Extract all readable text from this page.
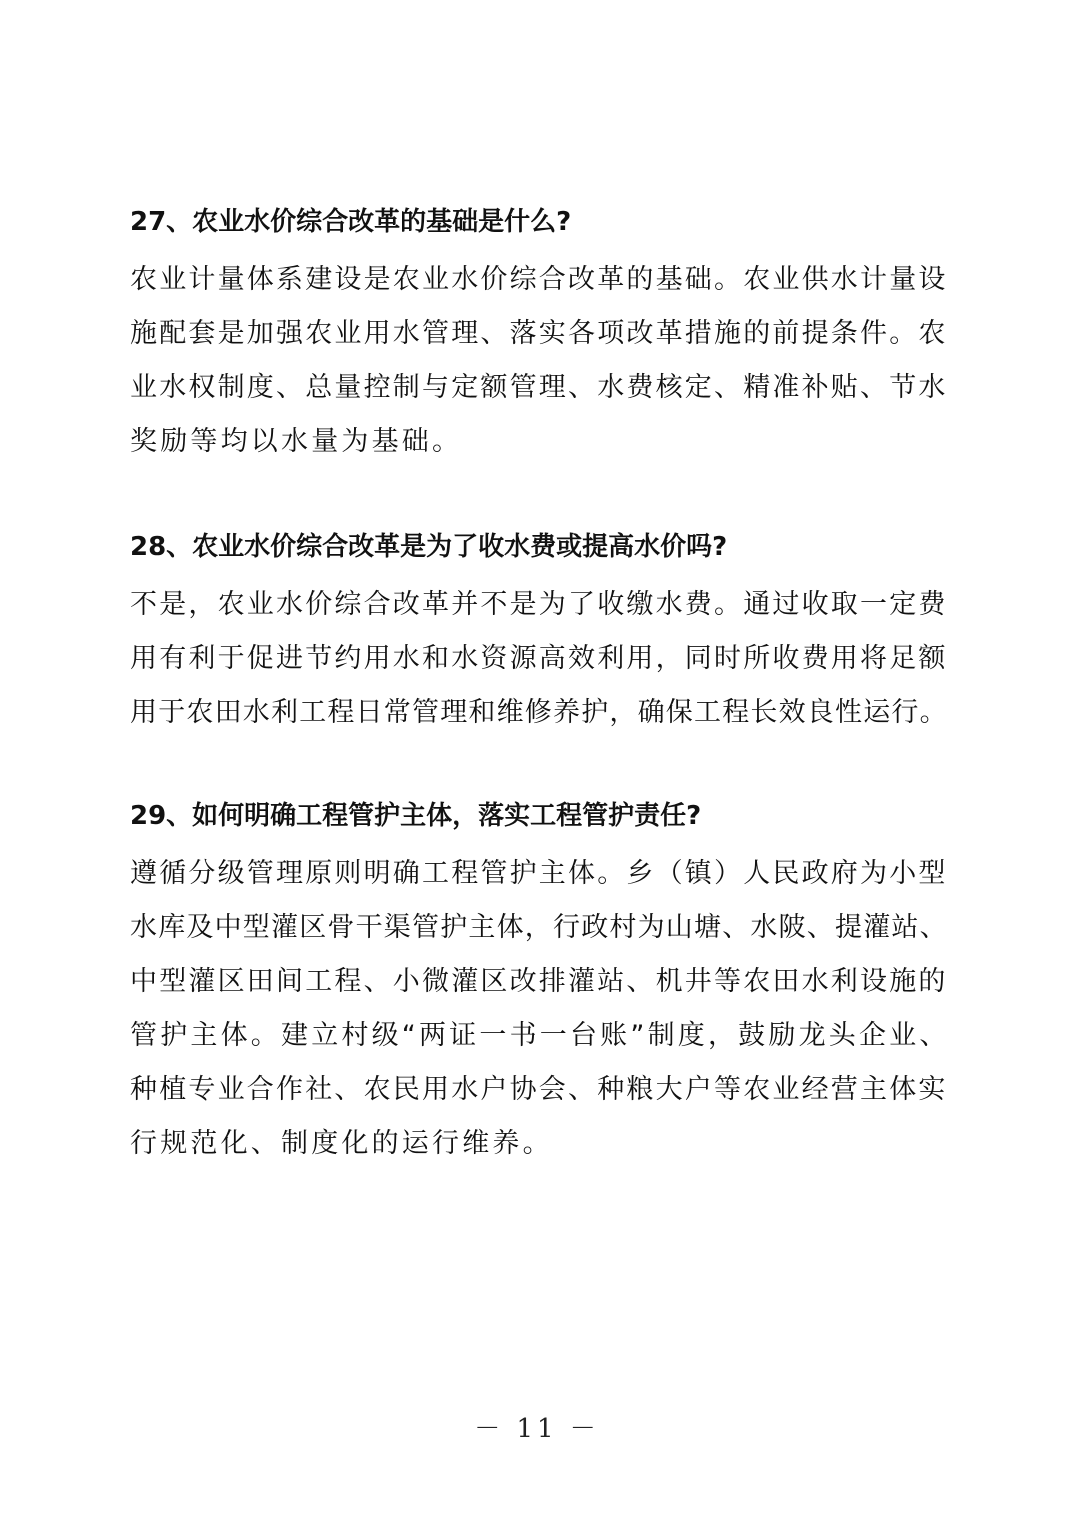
27、农业水价综合改革的基础是什么?

农业计量体系建设是农业水价综合改革的基础。农业供水计量设
施配套是加强农业用水管理、落实各项改革措施的前提条件。农
业水权制度、总量控制与定额管理、水费核定、精准补贴、节水
奖励等均以水量为基础。

28、农业水价综合改革是为了收水费或提高水价吗?

不是，农业水价综合改革并不是为了收缴水费。通过收取一定费
用有利于促进节约用水和水资源高效利用，同时所收费用将足额
用于农田水利工程日常管理和维修养护，确保工程长效良性运行。

29、如何明确工程管护主体，落实工程管护责任?

遵循分级管理原则明确工程管护主体。乡（镇）人民政府为小型
水库及中型灌区骨干渠管护主体，行政村为山塘、水陂、提灌站、
中型灌区田间工程、小微灌区改排灌站、机井等农田水利设施的
管护主体。建立村级“两证一书一台账”制度，鼓励龙头企业、
种植专业合作社、农民用水户协会、种粮大户等农业经营主体实
行规范化、制度化的运行维养。
－ 11 －
